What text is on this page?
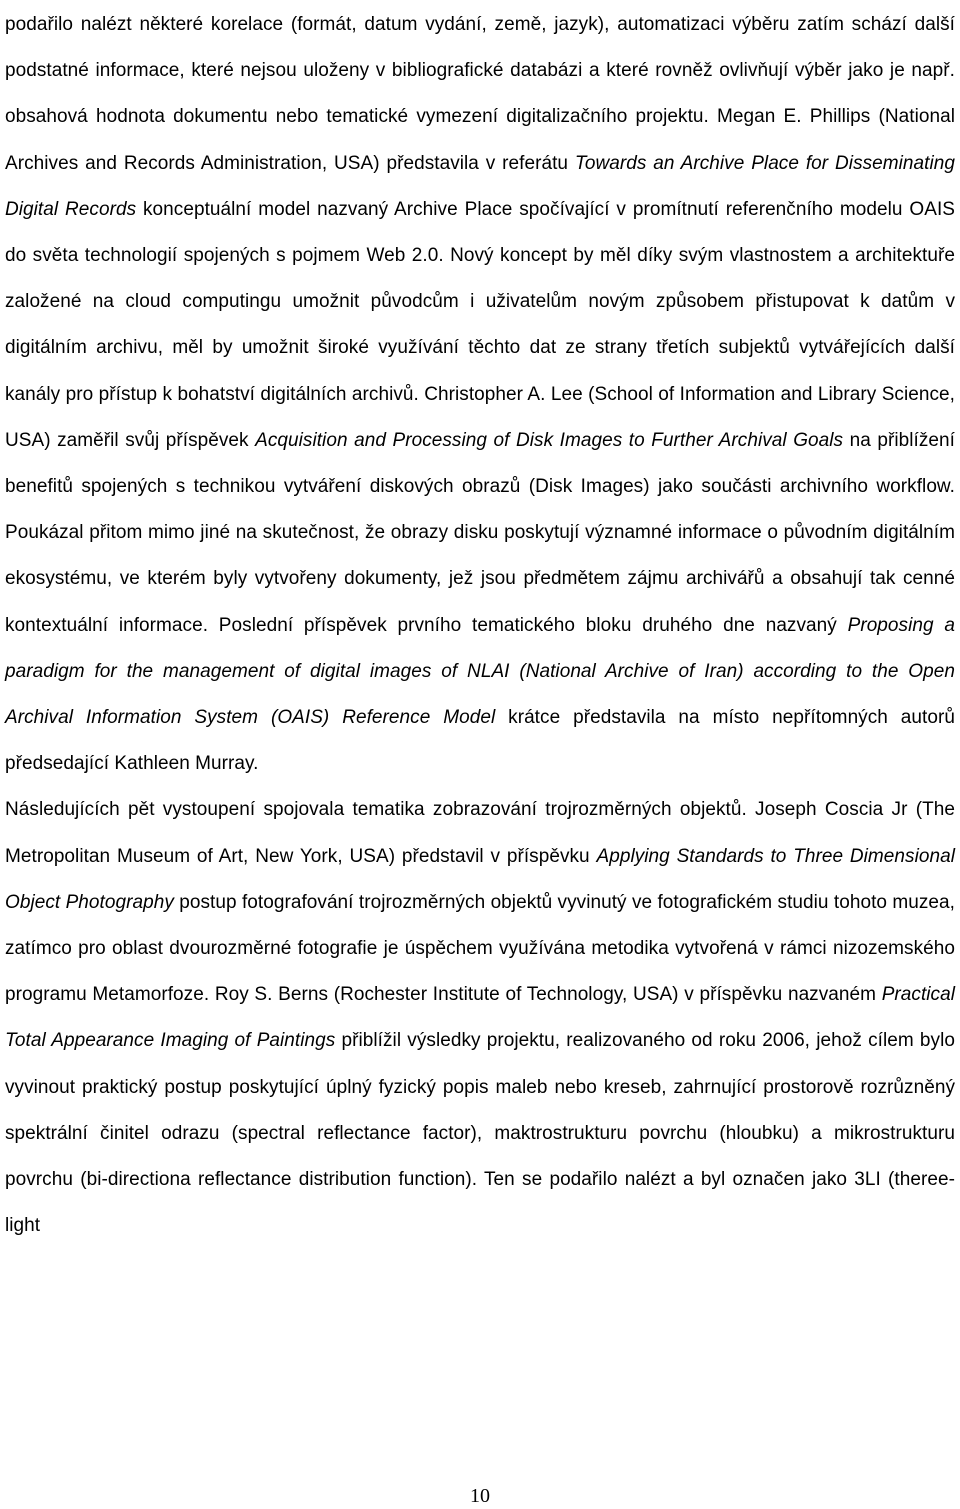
podařilo nalézt některé korelace (formát, datum vydání, země, jazyk), automatizaci výběru zatím schází další podstatné informace, které nejsou uloženy v bibliografické databázi a které rovněž ovlivňují výběr jako je např. obsahová hodnota dokumentu nebo tematické vymezení digitalizačního projektu. Megan E. Phillips (National Archives and Records Administration, USA) představila v referátu Towards an Archive Place for Disseminating Digital Records konceptuální model nazvaný Archive Place spočívající v promítnutí referenčního modelu OAIS do světa technologií spojených s pojmem Web 2.0. Nový koncept by měl díky svým vlastnostem a architektuře založené na cloud computingu umožnit původcům i uživatelům novým způsobem přistupovat k datům v digitálním archivu, měl by umožnit široké využívání těchto dat ze strany třetích subjektů vytvářejících další kanály pro přístup k bohatství digitálních archivů. Christopher A. Lee (School of Information and Library Science, USA) zaměřil svůj příspěvek Acquisition and Processing of Disk Images to Further Archival Goals na přiblížení benefitů spojených s technikou vytváření diskových obrazů (Disk Images) jako součásti archivního workflow. Poukázal přitom mimo jiné na skutečnost, že obrazy disku poskytují významné informace o původním digitálním ekosystému, ve kterém byly vytvořeny dokumenty, jež jsou předmětem zájmu archivářů a obsahují tak cenné kontextuální informace. Poslední příspěvek prvního tematického bloku druhého dne nazvaný Proposing a paradigm for the management of digital images of NLAI (National Archive of Iran) according to the Open Archival Information System (OAIS) Reference Model krátce představila na místo nepřítomných autorů předsedající Kathleen Murray.

Následujících pět vystoupení spojovala tematika zobrazování trojrozměrných objektů. Joseph Coscia Jr (The Metropolitan Museum of Art, New York, USA) představil v příspěvku Applying Standards to Three Dimensional Object Photography postup fotografování trojrozměrných objektů vyvinutý ve fotografickém studiu tohoto muzea, zatímco pro oblast dvourozměrné fotografie je úspěchem využívána metodika vytvořená v rámci nizozemského programu Metamorfoze. Roy S. Berns (Rochester Institute of Technology, USA) v příspěvku nazvaném Practical Total Appearance Imaging of Paintings přiblížil výsledky projektu, realizovaného od roku 2006, jehož cílem bylo vyvinout praktický postup poskytující úplný fyzický popis maleb nebo kreseb, zahrnující prostorově rozrůzněný spektrální činitel odrazu (spectral reflectance factor), maktrostrukturu povrchu (hloubku) a mikrostrukturu povrchu (bi-directiona reflectance distribution function). Ten se podařilo nalézt a byl označen jako 3LI (theree-light

10
